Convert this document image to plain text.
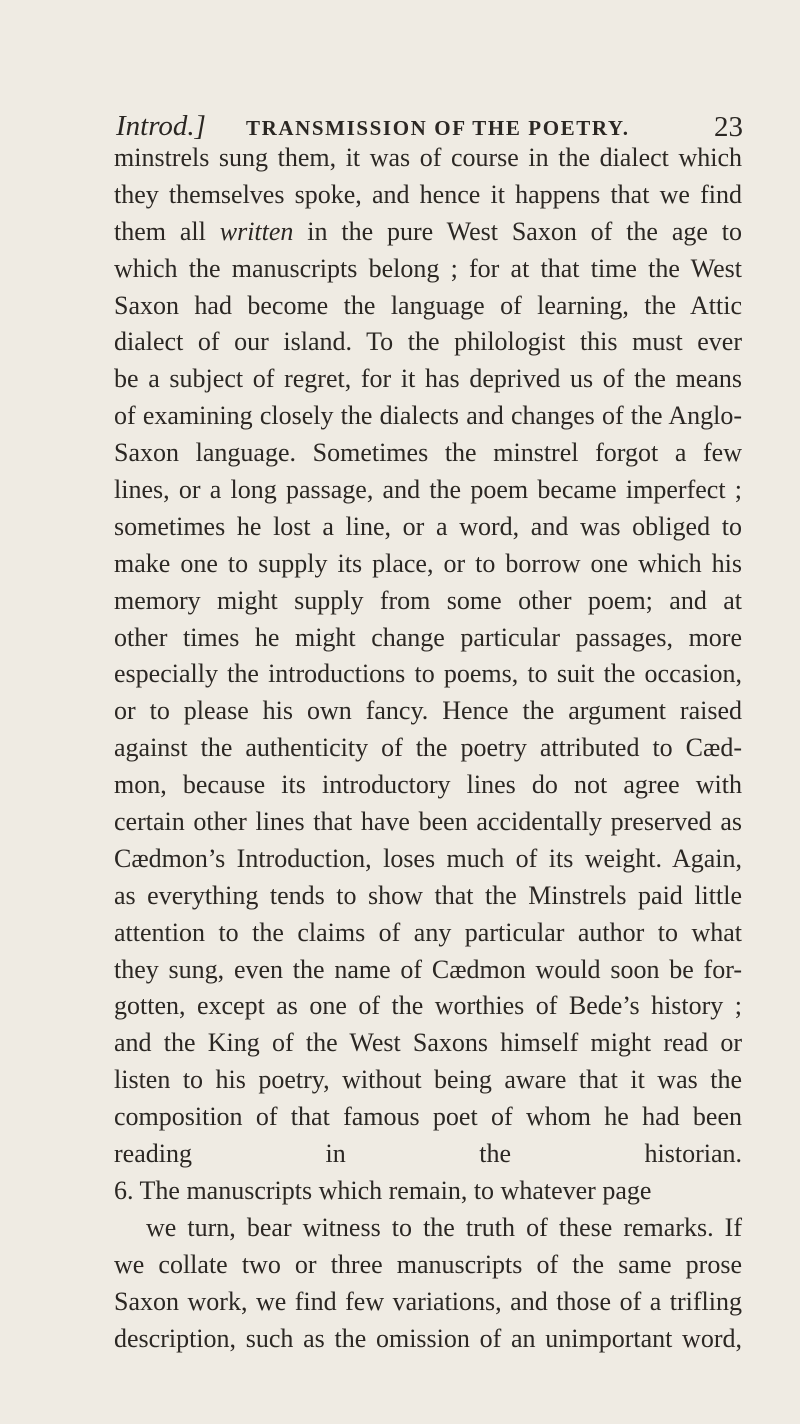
Introd.] TRANSMISSION OF THE POETRY.	23
minstrels sung them, it was of course in the dialect which
they themselves spoke, and hence it happens that we find
them all written in the pure West Saxon of the age to
which the manuscripts belong ; for at that time the West
Saxon had become the language of learning, the Attic
dialect of our island. To the philologist this must ever
be a subject of regret, for it has deprived us of the means
of examining closely the dialects and changes of the Anglo-
Saxon language. Sometimes the minstrel forgot a few
lines, or a long passage, and the poem became imperfect ;
sometimes he lost a line, or a word, and was obliged to
make one to supply its place, or to borrow one which his
memory might supply from some other poem; and at
other times he might change particular passages, more
especially the introductions to poems, to suit the occasion,
or to please his own fancy. Hence the argument raised
against the authenticity of the poetry attributed to Cæd-
mon, because its introductory lines do not agree with
certain other lines that have been accidentally preserved as
Cædmon’s Introduction, loses much of its weight. Again,
as everything tends to show that the Minstrels paid little
attention to the claims of any particular author to what
they sung, even the name of Cædmon would soon be for-
gotten, except as one of the worthies of Bede’s history ;
and the King of the West Saxons himself might read or
listen to his poetry, without being aware that it was the
composition of that famous poet of whom he had been
reading in the historian.
6. The manuscripts which remain, to whatever page
we turn, bear witness to the truth of these remarks. If
we collate two or three manuscripts of the same prose
Saxon work, we find few variations, and those of a trifling
description, such as the omission of an unimportant word,
